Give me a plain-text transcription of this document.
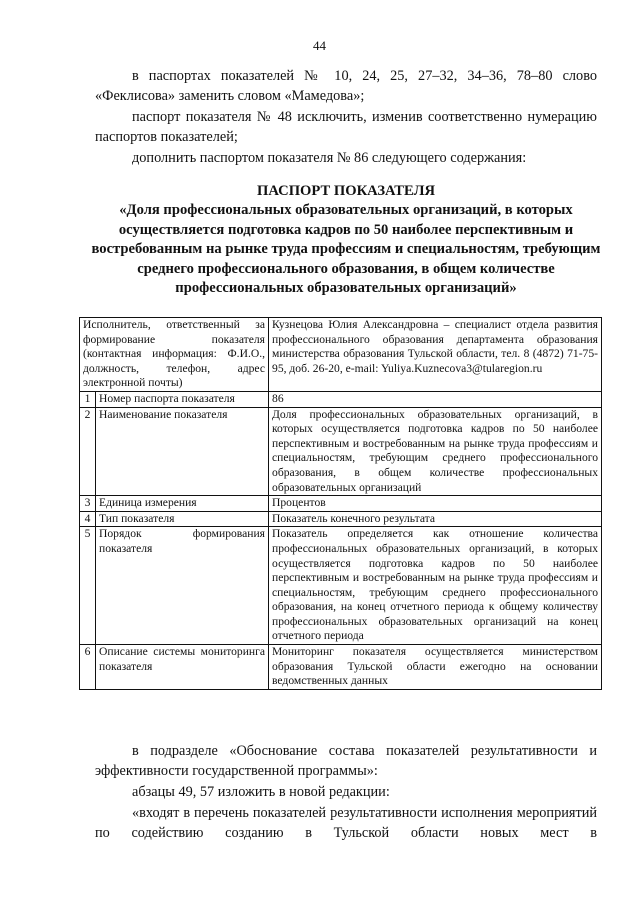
44
в паспортах показателей № 10, 24, 25, 27–32, 34–36, 78–80 слово «Феклисова» заменить словом «Мамедова»;
паспорт показателя № 48 исключить, изменив соответственно нумерацию паспортов показателей;
дополнить паспортом показателя № 86 следующего содержания:
ПАСПОРТ ПОКАЗАТЕЛЯ
«Доля профессиональных образовательных организаций, в которых осуществляется подготовка кадров по 50 наиболее перспективным и востребованным на рынке труда профессиям и специальностям, требующим среднего профессионального образования, в общем количестве профессиональных образовательных организаций»
Исполнитель, ответственный за формирование показателя (контактная информация: Ф.И.О., должность, телефон, адрес электронной почты)		Кузнецова Юлия Александровна – специалист отдела развития профессионального образования департамента образования министерства образования Тульской области, тел. 8 (4872) 71-75-95, доб. 26-20, e-mail: Yuliya.Kuznecova3@tularegion.ru
1	Номер паспорта показателя	86
2	Наименование показателя	Доля профессиональных образовательных организаций, в которых осуществляется подготовка кадров по 50 наиболее перспективным и востребованным на рынке труда профессиям и специальностям, требующим среднего профессионального образования, в общем количестве профессиональных образовательных организаций
3	Единица измерения	Процентов
4	Тип показателя	Показатель конечного результата
5	Порядок формирования показателя	Показатель определяется как отношение количества профессиональных образовательных организаций, в которых осуществляется подготовка кадров по 50 наиболее перспективным и востребованным на рынке труда профессиям и специальностям, требующим среднего профессионального образования, на конец отчетного периода к общему количеству профессиональных образовательных организаций на конец отчетного периода
6	Описание системы мониторинга показателя	Мониторинг показателя осуществляется министерством образования Тульской области ежегодно на основании ведомственных данных
в подразделе «Обоснование состава показателей результативности и эффективности государственной программы»:
абзацы 49, 57 изложить в новой редакции:
«входят в перечень показателей результативности исполнения мероприятий по содействию созданию в Тульской области новых мест в
